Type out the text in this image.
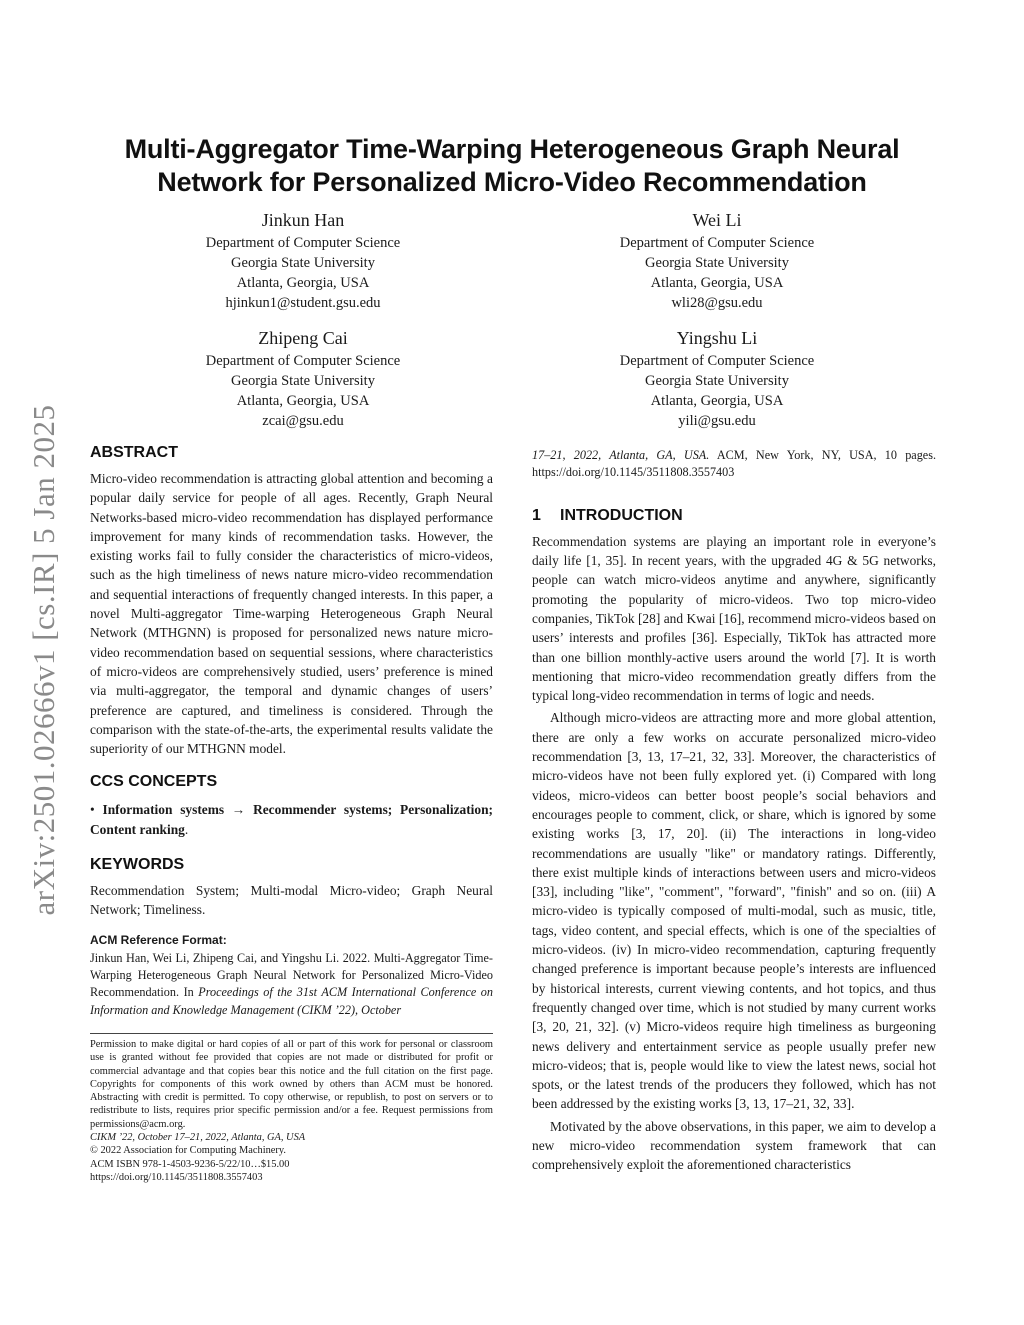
arXiv:2501.02666v1 [cs.IR] 5 Jan 2025
Multi-Aggregator Time-Warping Heterogeneous Graph Neural
Network for Personalized Micro-Video Recommendation
Jinkun Han
Department of Computer Science
Georgia State University
Atlanta, Georgia, USA
hjinkun1@student.gsu.edu
Wei Li
Department of Computer Science
Georgia State University
Atlanta, Georgia, USA
wli28@gsu.edu
Zhipeng Cai
Department of Computer Science
Georgia State University
Atlanta, Georgia, USA
zcai@gsu.edu
Yingshu Li
Department of Computer Science
Georgia State University
Atlanta, Georgia, USA
yili@gsu.edu
ABSTRACT

Micro-video recommendation is attracting global attention and becoming a popular daily service for people of all ages. Recently, Graph Neural Networks-based micro-video recommendation has displayed performance improvement for many kinds of recommendation tasks. However, the existing works fail to fully consider the characteristics of micro-videos, such as the high timeliness of news nature micro-video recommendation and sequential interactions of frequently changed interests. In this paper, a novel Multi-aggregator Time-warping Heterogeneous Graph Neural Network (MTHGNN) is proposed for personalized news nature micro-video recommendation based on sequential sessions, where characteristics of micro-videos are comprehensively studied, users’ preference is mined via multi-aggregator, the temporal and dynamic changes of users’ preference are captured, and timeliness is considered. Through the comparison with the state-of-the-arts, the experimental results validate the superiority of our MTHGNN model.

CCS CONCEPTS

• Information systems → Recommender systems; Personalization; Content ranking.

KEYWORDS

Recommendation System; Multi-modal Micro-video; Graph Neural Network; Timeliness.

ACM Reference Format:

Jinkun Han, Wei Li, Zhipeng Cai, and Yingshu Li. 2022. Multi-Aggregator Time-Warping Heterogeneous Graph Neural Network for Personalized Micro-Video Recommendation. In Proceedings of the 31st ACM International Conference on Information and Knowledge Management (CIKM ’22), October

Permission to make digital or hard copies of all or part of this work for personal or classroom use is granted without fee provided that copies are not made or distributed for profit or commercial advantage and that copies bear this notice and the full citation on the first page. Copyrights for components of this work owned by others than ACM must be honored. Abstracting with credit is permitted. To copy otherwise, or republish, to post on servers or to redistribute to lists, requires prior specific permission and/or a fee. Request permissions from permissions@acm.org.

CIKM ’22, October 17–21, 2022, Atlanta, GA, USA

© 2022 Association for Computing Machinery.

ACM ISBN 978-1-4503-9236-5/22/10…$15.00

https://doi.org/10.1145/3511808.3557403

17–21, 2022, Atlanta, GA, USA. ACM, New York, NY, USA, 10 pages. https://doi.org/10.1145/3511808.3557403

1 INTRODUCTION

Recommendation systems are playing an important role in everyone’s daily life [1, 35]. In recent years, with the upgraded 4G & 5G networks, people can watch micro-videos anytime and anywhere, significantly promoting the popularity of micro-videos. Two top micro-video companies, TikTok [28] and Kwai [16], recommend micro-videos based on users’ interests and profiles [36]. Especially, TikTok has attracted more than one billion monthly-active users around the world [7]. It is worth mentioning that micro-video recommendation greatly differs from the typical long-video recommendation in terms of logic and needs.

Although micro-videos are attracting more and more global attention, there are only a few works on accurate personalized micro-video recommendation [3, 13, 17–21, 32, 33]. Moreover, the characteristics of micro-videos have not been fully explored yet. (i) Compared with long videos, micro-videos can better boost people’s social behaviors and encourages people to comment, click, or share, which is ignored by some existing works [3, 17, 20]. (ii) The interactions in long-video recommendations are usually "like" or mandatory ratings. Differently, there exist multiple kinds of interactions between users and micro-videos [33], including "like", "comment", "forward", "finish" and so on. (iii) A micro-video is typically composed of multi-modal, such as music, title, tags, video content, and special effects, which is one of the specialties of micro-videos. (iv) In micro-video recommendation, capturing frequently changed preference is important because people’s interests are influenced by historical interests, current viewing contents, and hot topics, and thus frequently changed over time, which is not studied by many current works [3, 20, 21, 32]. (v) Micro-videos require high timeliness as burgeoning news delivery and entertainment service as people usually prefer new micro-videos; that is, people would like to view the latest news, social hot spots, or the latest trends of the producers they followed, which has not been addressed by the existing works [3, 13, 17–21, 32, 33].

Motivated by the above observations, in this paper, we aim to develop a new micro-video recommendation system framework that can comprehensively exploit the aforementioned characteristics
